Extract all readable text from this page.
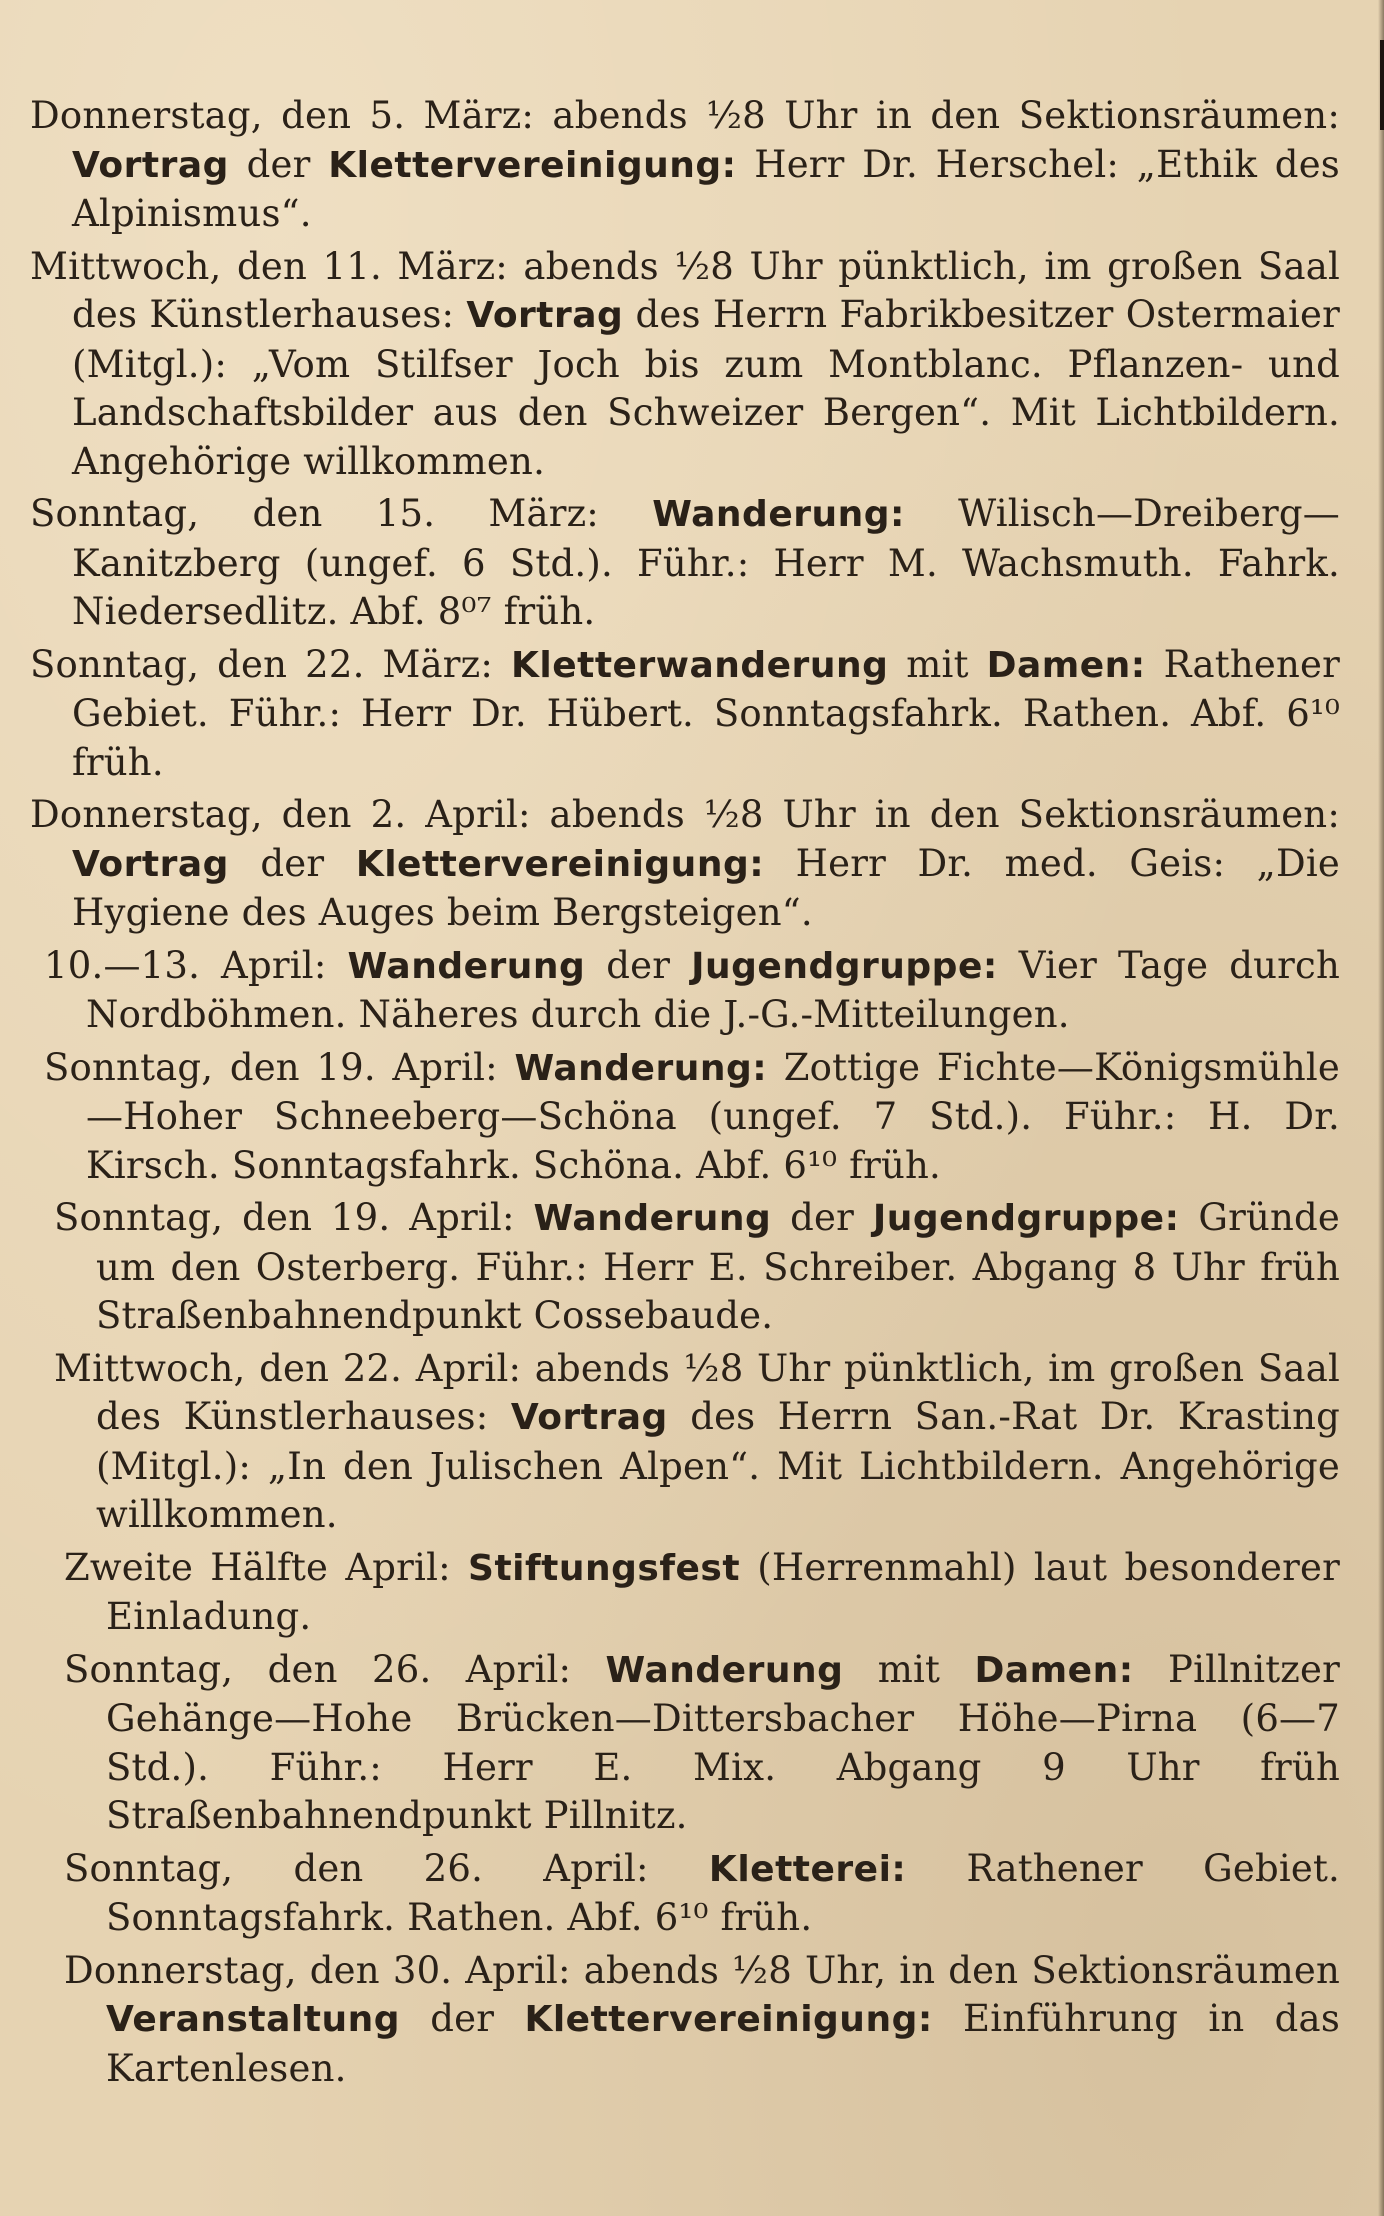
Donnerstag, den 5. März: abends ½8 Uhr in den Sektionsräumen: Vortrag der Klettervereinigung: Herr Dr. Herschel: „Ethik des Alpinismus“.
Mittwoch, den 11. März: abends ½8 Uhr pünktlich, im großen Saal des Künstlerhauses: Vortrag des Herrn Fabrikbesitzer Ostermaier (Mitgl.): „Vom Stilfser Joch bis zum Montblanc. Pflanzen- und Landschaftsbilder aus den Schweizer Bergen“. Mit Lichtbildern. Angehörige willkommen.
Sonntag, den 15. März: Wanderung: Wilisch—Dreiberg—Kanitzberg (ungef. 6 Std.). Führ.: Herr M. Wachsmuth. Fahrk. Niedersedlitz. Abf. 8⁰⁷ früh.
Sonntag, den 22. März: Kletterwanderung mit Damen: Rathener Gebiet. Führ.: Herr Dr. Hübert. Sonntagsfahrk. Rathen. Abf. 6¹⁰ früh.
Donnerstag, den 2. April: abends ½8 Uhr in den Sektionsräumen: Vortrag der Klettervereinigung: Herr Dr. med. Geis: „Die Hygiene des Auges beim Bergsteigen“.
10.—13. April: Wanderung der Jugendgruppe: Vier Tage durch Nordböhmen. Näheres durch die J.-G.-Mitteilungen.
Sonntag, den 19. April: Wanderung: Zottige Fichte—Königsmühle—Hoher Schneeberg—Schöna (ungef. 7 Std.). Führ.: H. Dr. Kirsch. Sonntagsfahrk. Schöna. Abf. 6¹⁰ früh.
Sonntag, den 19. April: Wanderung der Jugendgruppe: Gründe um den Osterberg. Führ.: Herr E. Schreiber. Abgang 8 Uhr früh Straßenbahnendpunkt Cossebaude.
Mittwoch, den 22. April: abends ½8 Uhr pünktlich, im großen Saal des Künstlerhauses: Vortrag des Herrn San.-Rat Dr. Krasting (Mitgl.): „In den Julischen Alpen“. Mit Lichtbildern. Angehörige willkommen.
Zweite Hälfte April: Stiftungsfest (Herrenmahl) laut besonderer Einladung.
Sonntag, den 26. April: Wanderung mit Damen: Pillnitzer Gehänge—Hohe Brücken—Dittersbacher Höhe—Pirna (6—7 Std.). Führ.: Herr E. Mix. Abgang 9 Uhr früh Straßenbahnendpunkt Pillnitz.
Sonntag, den 26. April: Kletterei: Rathener Gebiet. Sonntagsfahrk. Rathen. Abf. 6¹⁰ früh.
Donnerstag, den 30. April: abends ½8 Uhr, in den Sektionsräumen Veranstaltung der Klettervereinigung: Einführung in das Kartenlesen.
